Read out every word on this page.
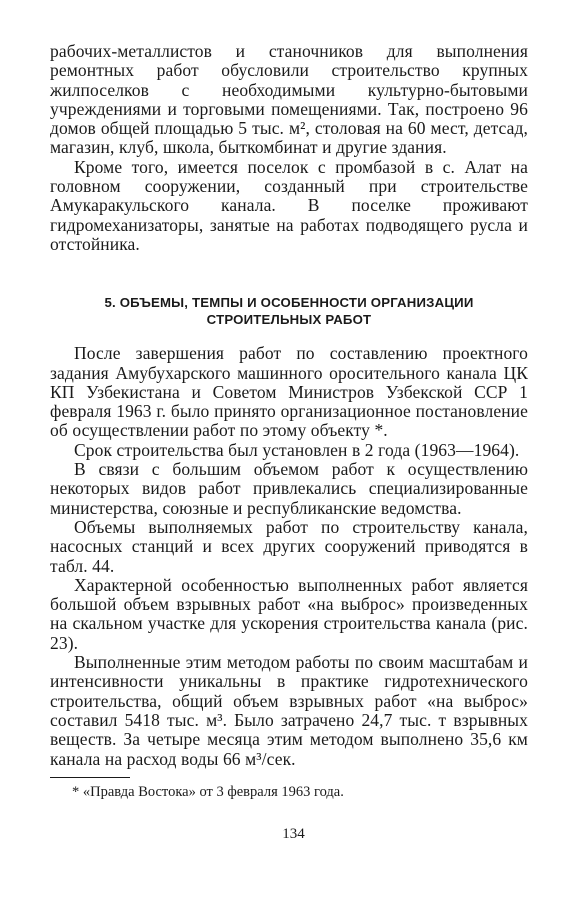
рабочих-металлистов и станочников для выполнения ремонтных работ обусловили строительство крупных жилпоселков с необходимыми культурно-бытовыми учреждениями и торговыми помещениями. Так, построено 96 домов общей площадью 5 тыс. м², столовая на 60 мест, детсад, магазин, клуб, школа, быткомбинат и другие здания.

Кроме того, имеется поселок с промбазой в с. Алат на головном сооружении, созданный при строительстве Амукаракульского канала. В поселке проживают гидромеханизаторы, занятые на работах подводящего русла и отстойника.

5. ОБЪЕМЫ, ТЕМПЫ И ОСОБЕННОСТИ ОРГАНИЗАЦИИ
СТРОИТЕЛЬНЫХ РАБОТ

После завершения работ по составлению проектного задания Амубухарского машинного оросительного канала ЦК КП Узбекистана и Советом Министров Узбекской ССР 1 февраля 1963 г. было принято организационное постановление об осуществлении работ по этому объекту *.

Срок строительства был установлен в 2 года (1963—1964).

В связи с большим объемом работ к осуществлению некоторых видов работ привлекались специализированные министерства, союзные и республиканские ведомства.

Объемы выполняемых работ по строительству канала, насосных станций и всех других сооружений приводятся в табл. 44.

Характерной особенностью выполненных работ является большой объем взрывных работ «на выброс» произведенных на скальном участке для ускорения строительства канала (рис. 23).

Выполненные этим методом работы по своим масштабам и интенсивности уникальны в практике гидротехнического строительства, общий объем взрывных работ «на выброс» составил 5418 тыс. м³. Было затрачено 24,7 тыс. т взрывных веществ. За четыре месяца этим методом выполнено 35,6 км канала на расход воды 66 м³/сек.

* «Правда Востока» от 3 февраля 1963 года.

134
